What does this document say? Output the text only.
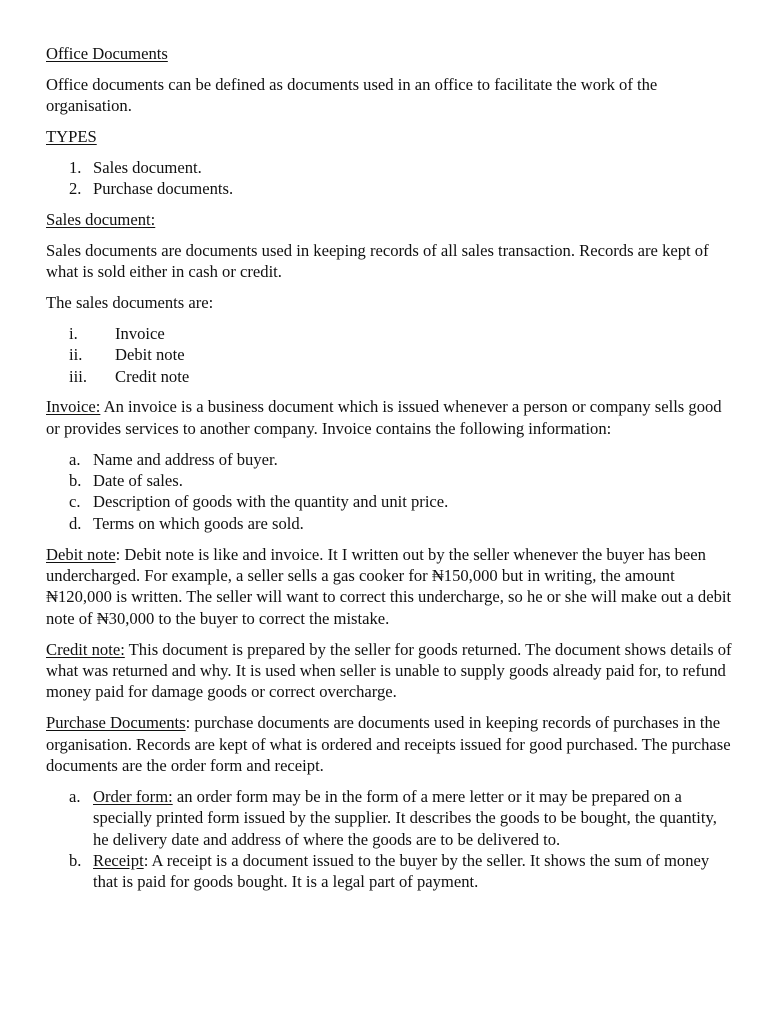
Office Documents

Office documents can be defined as documents used in an office to facilitate the work of the organisation.

TYPES

1. Sales document.
2. Purchase documents.

Sales document:

Sales documents are documents used in keeping records of all sales transaction. Records are kept of what is sold either in cash or credit.

The sales documents are:

i. Invoice
ii. Debit note
iii. Credit note

Invoice: An invoice is a business document which is issued whenever a person or company sells good or provides services to another company. Invoice contains the following information:

a. Name and address of buyer.
b. Date of sales.
c. Description of goods with the quantity and unit price.
d. Terms on which goods are sold.

Debit note: Debit note is like and invoice. It I written out by the seller whenever the buyer has been undercharged. For example, a seller sells a gas cooker for ₦150,000 but in writing, the amount ₦120,000 is written. The seller will want to correct this undercharge, so he or she will make out a debit note of ₦30,000 to the buyer to correct the mistake.

Credit note: This document is prepared by the seller for goods returned. The document shows details of what was returned and why. It is used when seller is unable to supply goods already paid for, to refund money paid for damage goods or correct overcharge.

Purchase Documents: purchase documents are documents used in keeping records of purchases in the organisation. Records are kept of what is ordered and receipts issued for good purchased. The purchase documents are the order form and receipt.

a. Order form: an order form may be in the form of a mere letter or it may be prepared on a specially printed form issued by the supplier. It describes the goods to be bought, the quantity, he delivery date and address of where the goods are to be delivered to.
b. Receipt: A receipt is a document issued to the buyer by the seller. It shows the sum of money that is paid for goods bought. It is a legal part of payment.
